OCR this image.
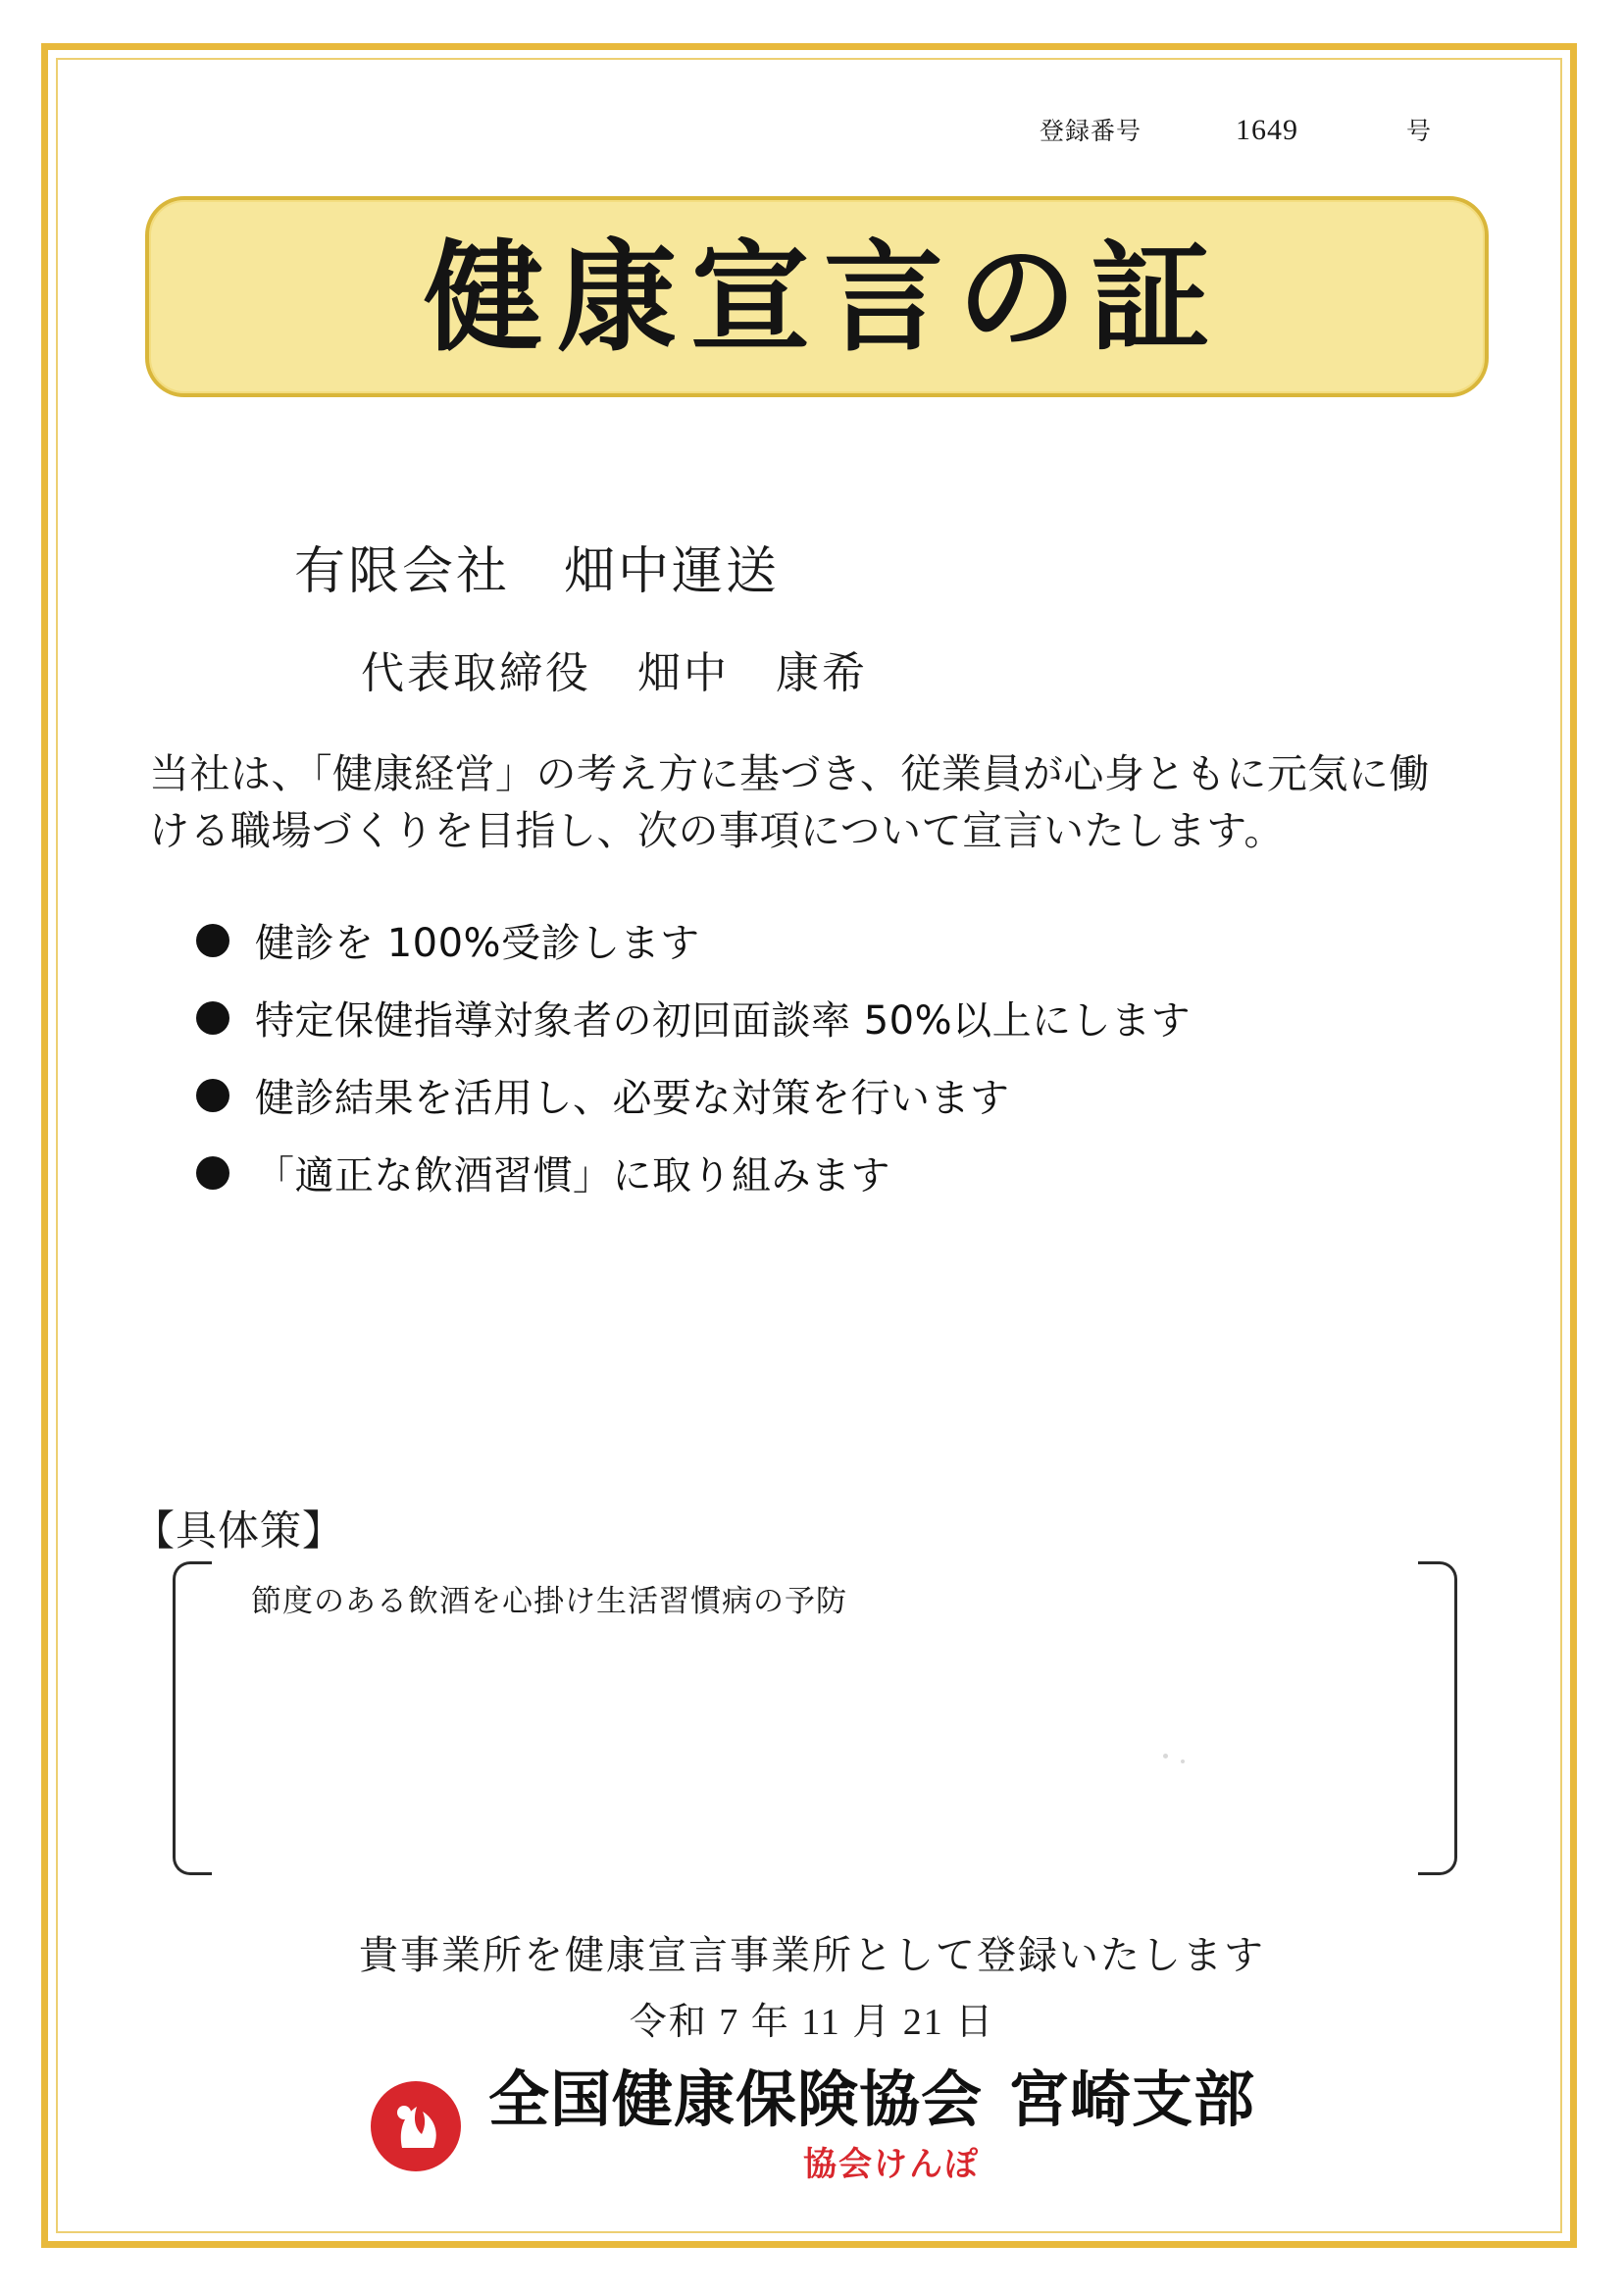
登録番号	1649	号
健康宣言の証
有限会社　畑中運送
代表取締役　畑中　康希
当社は、「健康経営」の考え方に基づき、従業員が心身ともに元気に働ける職場づくりを目指し、次の事項について宣言いたします。
健診を 100%受診します
特定保健指導対象者の初回面談率 50%以上にします
健診結果を活用し、必要な対策を行います
「適正な飲酒習慣」に取り組みます
【具体策】
節度のある飲酒を心掛け生活習慣病の予防
貴事業所を健康宣言事業所として登録いたします
令和 7 年 11 月 21 日
全国健康保険協会 宮崎支部
協会けんぽ
